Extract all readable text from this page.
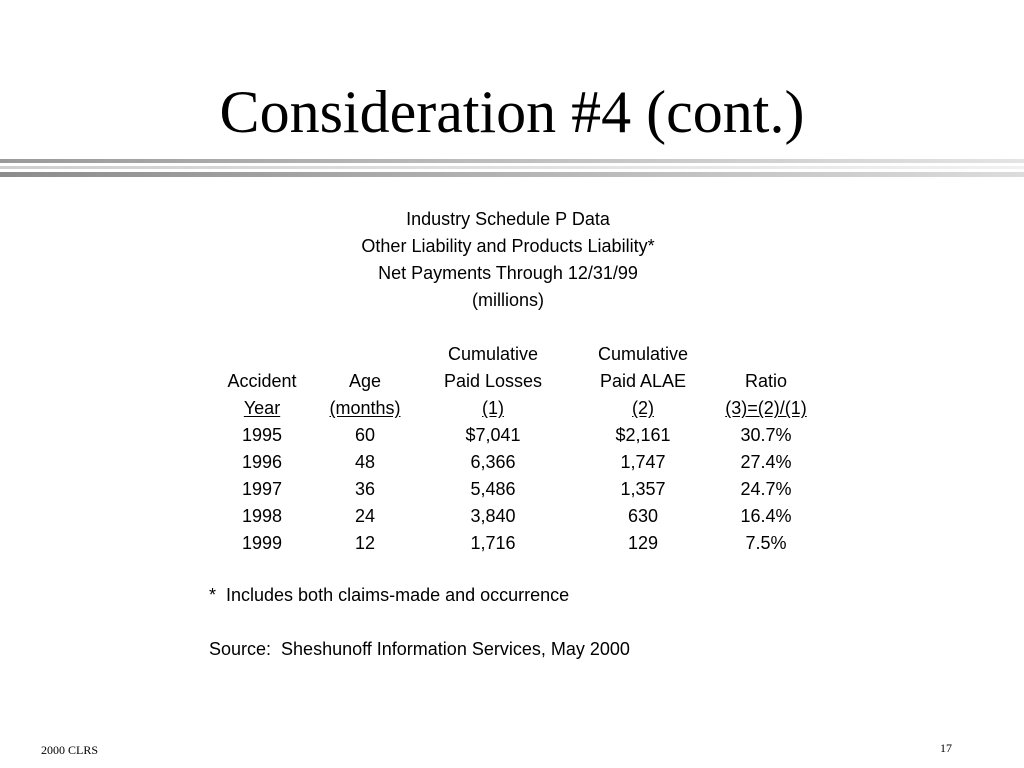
Consideration #4 (cont.)
Industry Schedule P Data
Other Liability and Products Liability*
Net Payments Through 12/31/99
(millions)
		Cumulative	Cumulative	
Accident	Age	Paid Losses	Paid ALAE	Ratio
Year	(months)	(1)	(2)	(3)=(2)/(1)
1995	60	$7,041	$2,161	30.7%
1996	48	6,366	1,747	27.4%
1997	36	5,486	1,357	24.7%
1998	24	3,840	630	16.4%
1999	12	1,716	129	7.5%
*  Includes both claims-made and occurrence
Source:  Sheshunoff Information Services, May 2000
2000 CLRS	17
